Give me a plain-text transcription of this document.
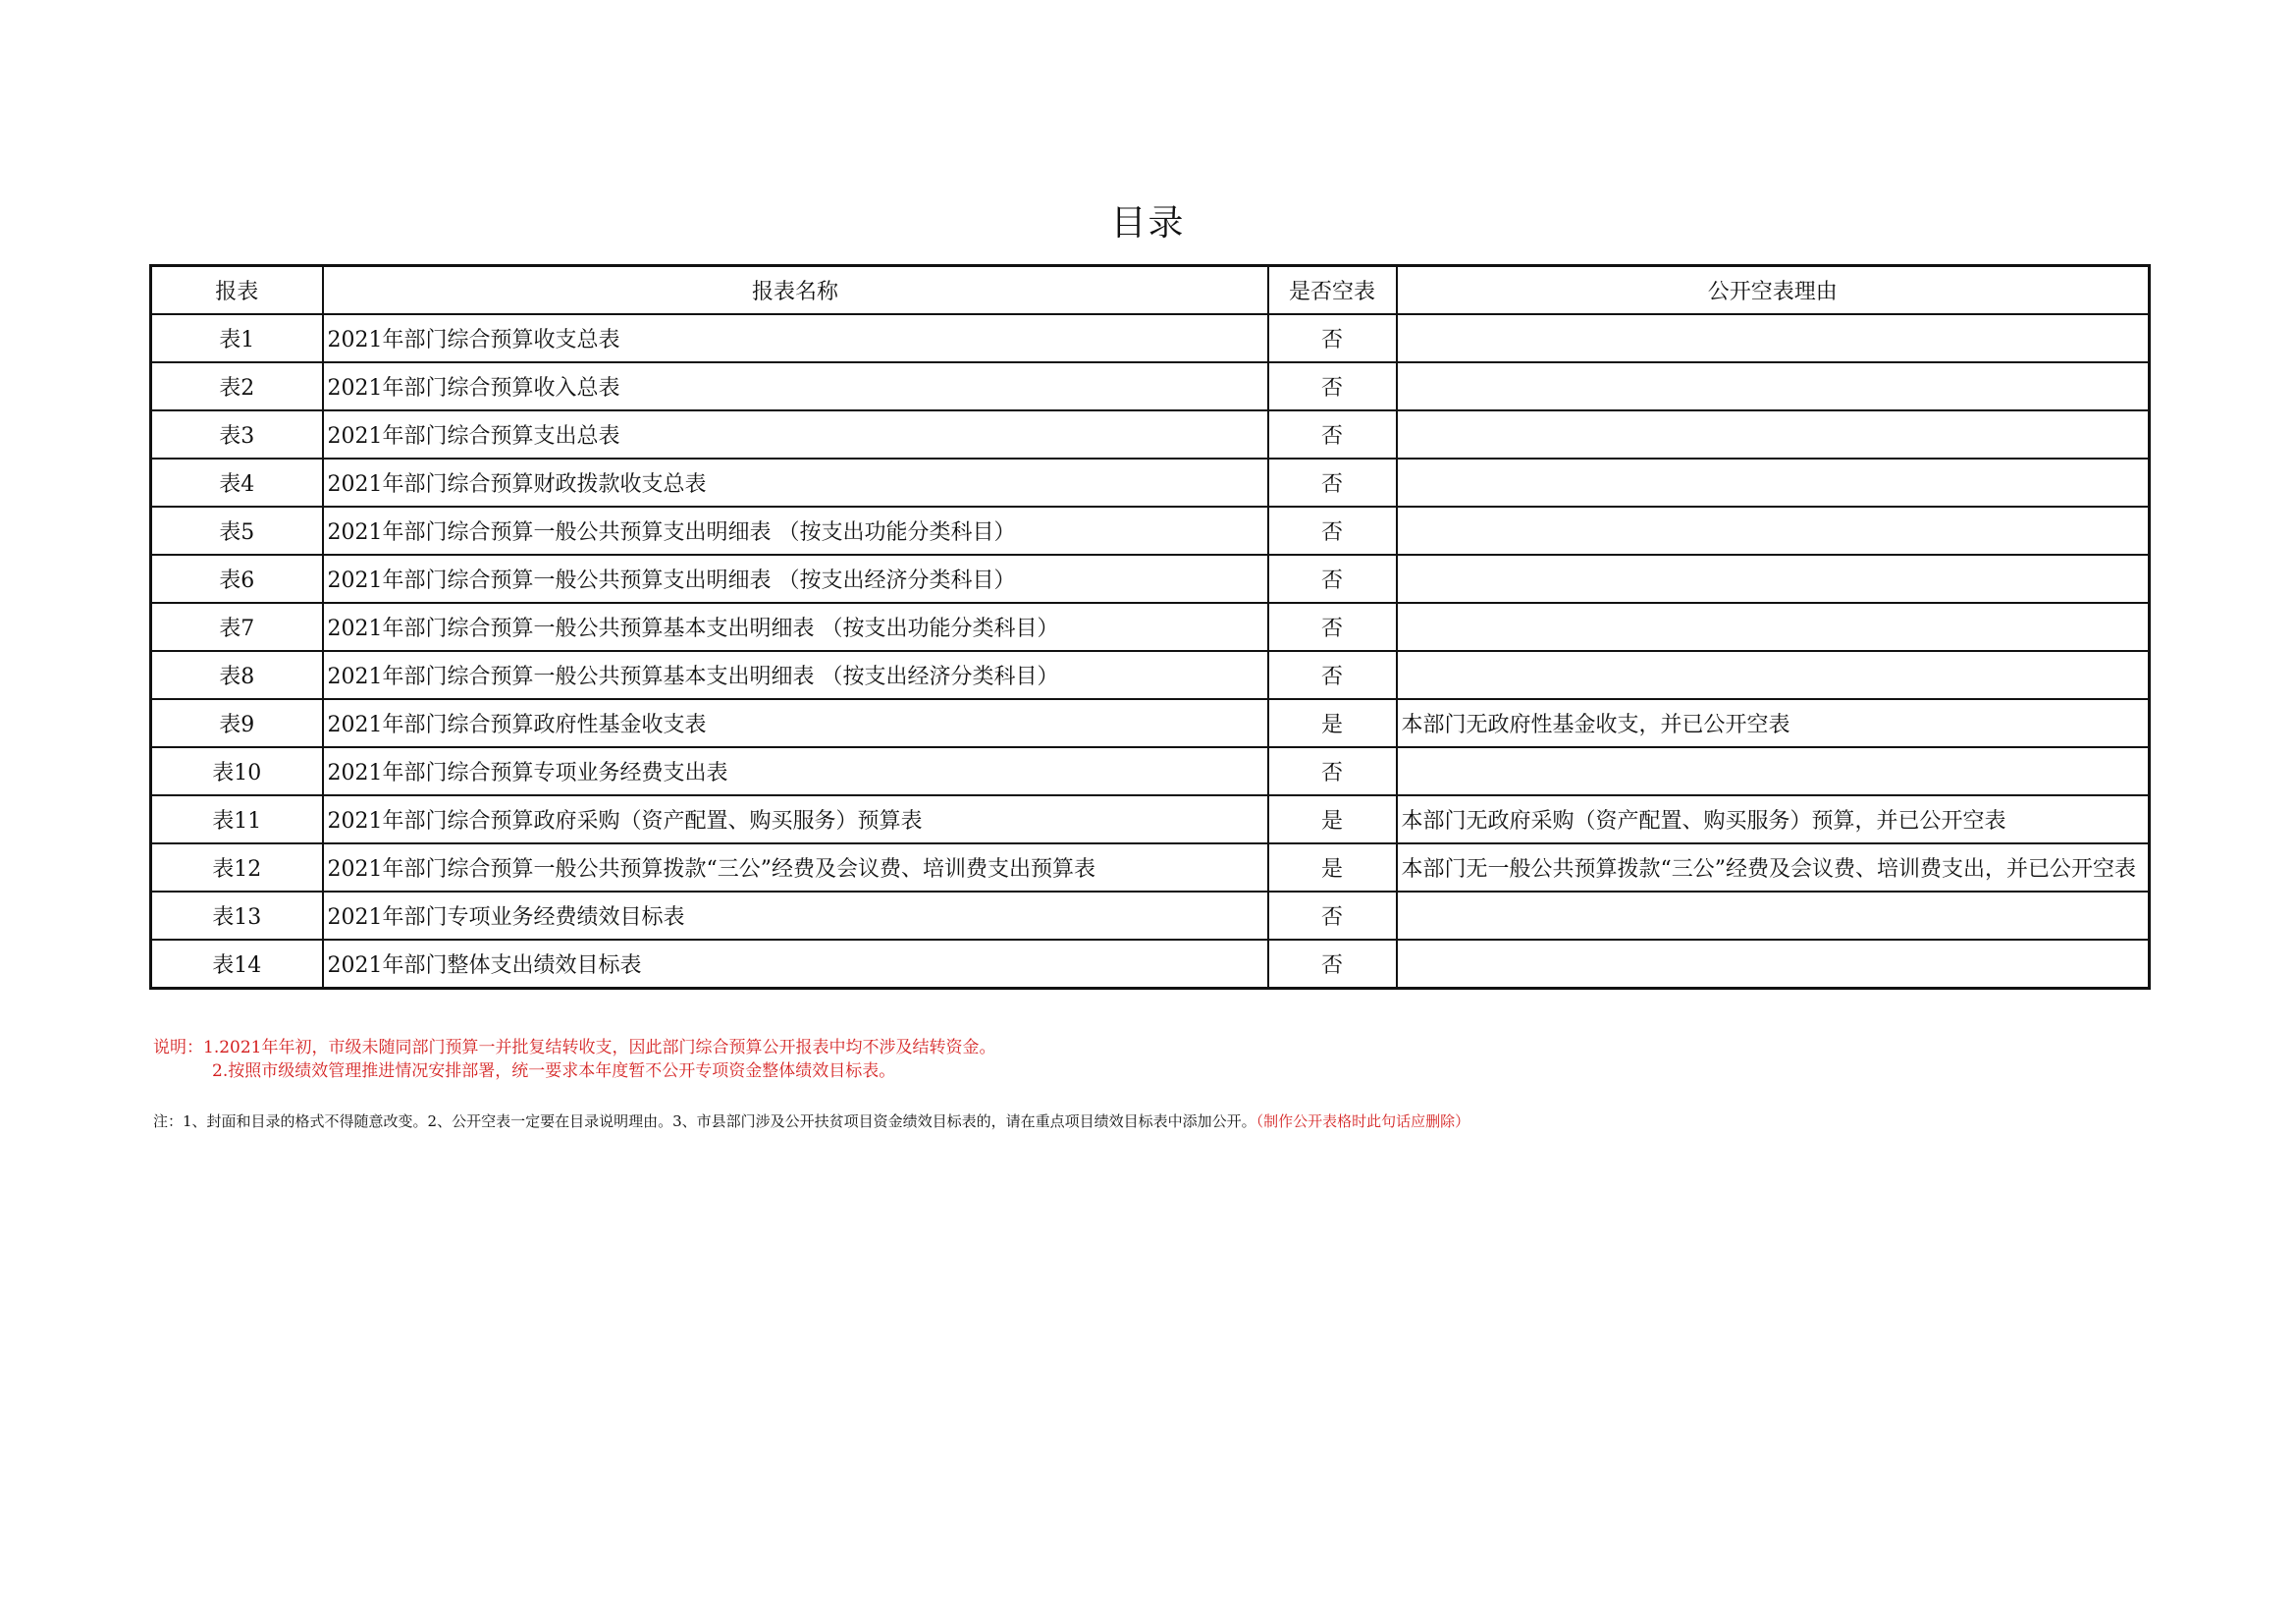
目录
报表	报表名称	是否空表	公开空表理由
表1	2021年部门综合预算收支总表	否	
表2	2021年部门综合预算收入总表	否	
表3	2021年部门综合预算支出总表	否	
表4	2021年部门综合预算财政拨款收支总表	否	
表5	2021年部门综合预算一般公共预算支出明细表 （按支出功能分类科目）	否	
表6	2021年部门综合预算一般公共预算支出明细表 （按支出经济分类科目）	否	
表7	2021年部门综合预算一般公共预算基本支出明细表 （按支出功能分类科目）	否	
表8	2021年部门综合预算一般公共预算基本支出明细表 （按支出经济分类科目）	否	
表9	2021年部门综合预算政府性基金收支表	是	本部门无政府性基金收支，并已公开空表
表10	2021年部门综合预算专项业务经费支出表	否	
表11	2021年部门综合预算政府采购（资产配置、购买服务）预算表	是	本部门无政府采购（资产配置、购买服务）预算，并已公开空表
表12	2021年部门综合预算一般公共预算拨款“三公”经费及会议费、培训费支出预算表	是	本部门无一般公共预算拨款“三公”经费及会议费、培训费支出，并已公开空表
表13	2021年部门专项业务经费绩效目标表	否	
表14	2021年部门整体支出绩效目标表	否	
说明：1.2021年年初，市级未随同部门预算一并批复结转收支，因此部门综合预算公开报表中均不涉及结转资金。
2.按照市级绩效管理推进情况安排部署，统一要求本年度暂不公开专项资金整体绩效目标表。
注：1、封面和目录的格式不得随意改变。2、公开空表一定要在目录说明理由。3、市县部门涉及公开扶贫项目资金绩效目标表的，请在重点项目绩效目标表中添加公开。（制作公开表格时此句话应删除）
